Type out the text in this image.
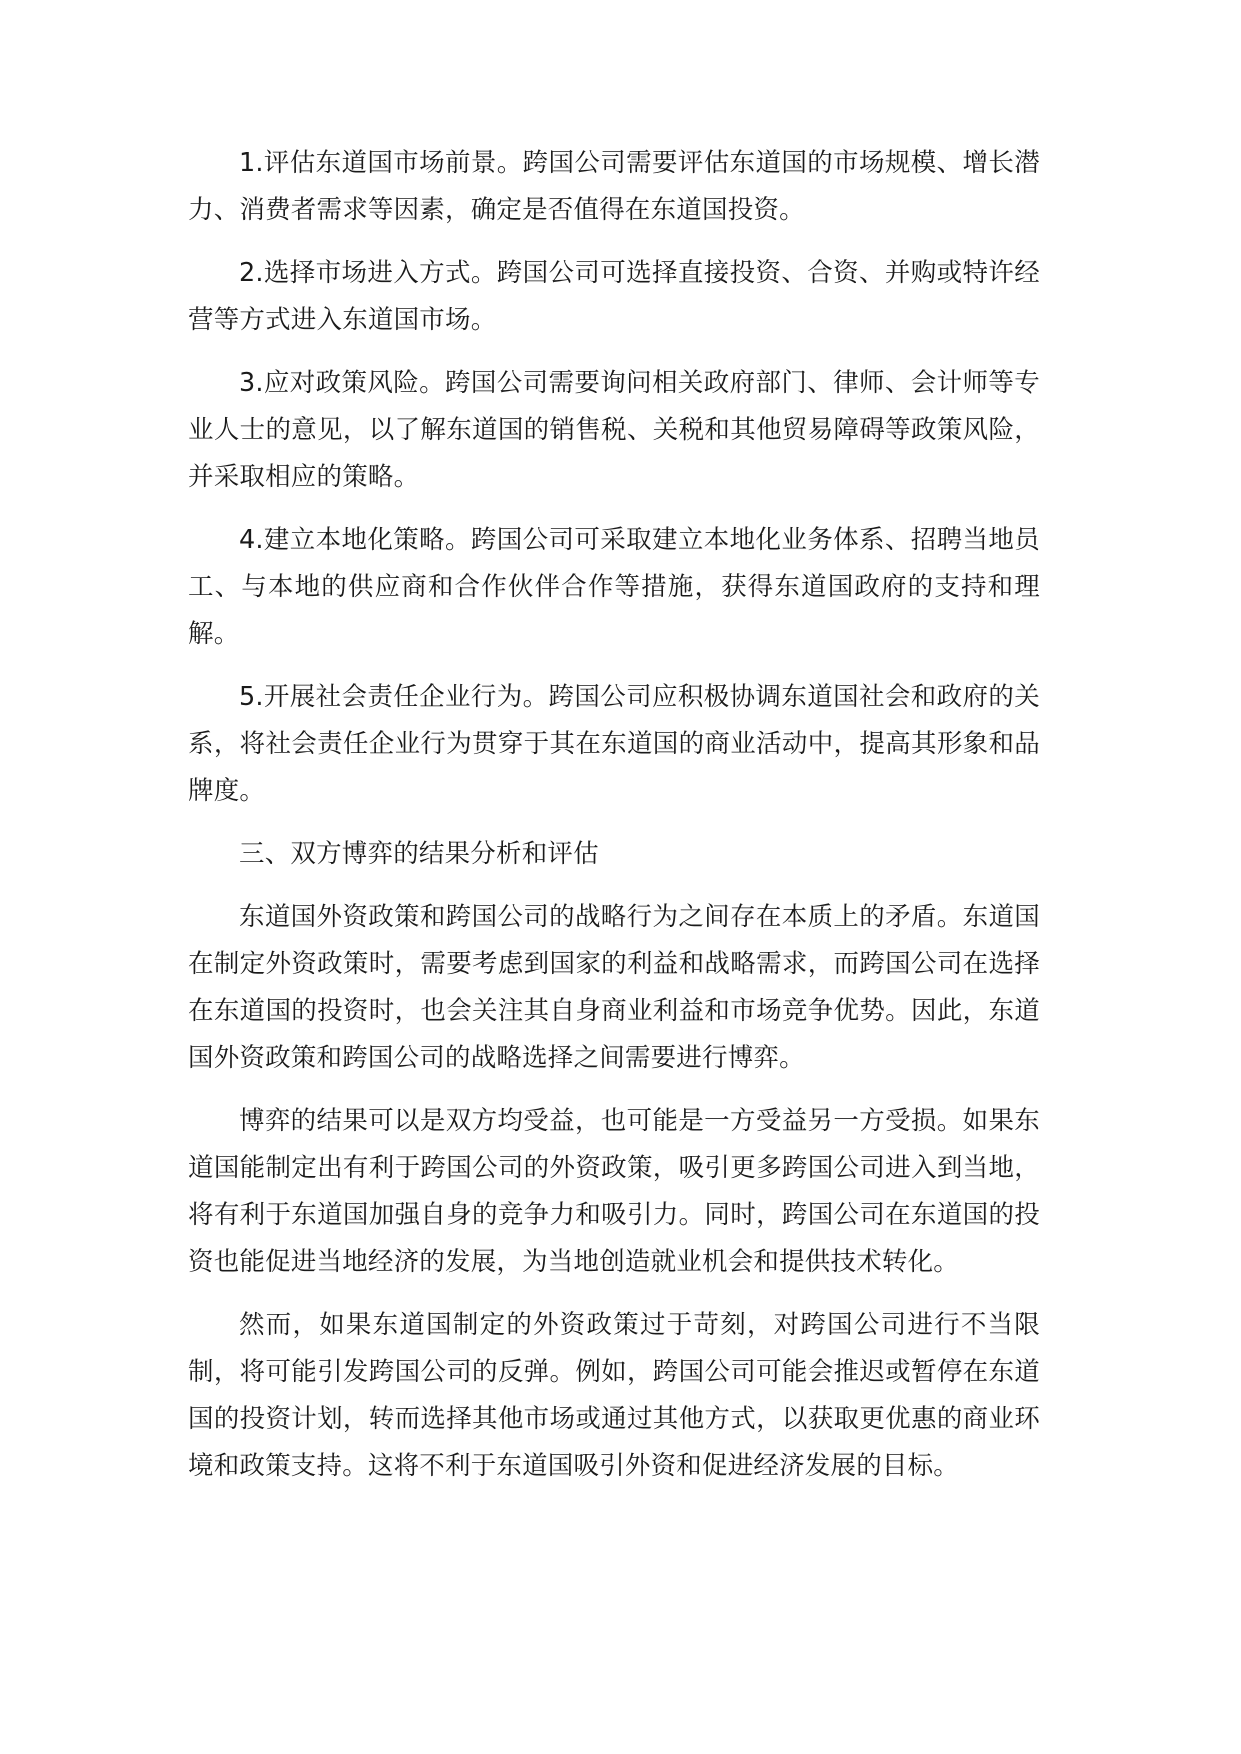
1.评估东道国市场前景。跨国公司需要评估东道国的市场规模、增长潜力、消费者需求等因素，确定是否值得在东道国投资。

2.选择市场进入方式。跨国公司可选择直接投资、合资、并购或特许经营等方式进入东道国市场。

3.应对政策风险。跨国公司需要询问相关政府部门、律师、会计师等专业人士的意见，以了解东道国的销售税、关税和其他贸易障碍等政策风险，并采取相应的策略。

4.建立本地化策略。跨国公司可采取建立本地化业务体系、招聘当地员工、与本地的供应商和合作伙伴合作等措施，获得东道国政府的支持和理解。

5.开展社会责任企业行为。跨国公司应积极协调东道国社会和政府的关系，将社会责任企业行为贯穿于其在东道国的商业活动中，提高其形象和品牌度。

三、双方博弈的结果分析和评估

东道国外资政策和跨国公司的战略行为之间存在本质上的矛盾。东道国在制定外资政策时，需要考虑到国家的利益和战略需求，而跨国公司在选择在东道国的投资时，也会关注其自身商业利益和市场竞争优势。因此，东道国外资政策和跨国公司的战略选择之间需要进行博弈。

博弈的结果可以是双方均受益，也可能是一方受益另一方受损。如果东道国能制定出有利于跨国公司的外资政策，吸引更多跨国公司进入到当地，将有利于东道国加强自身的竞争力和吸引力。同时，跨国公司在东道国的投资也能促进当地经济的发展，为当地创造就业机会和提供技术转化。

然而，如果东道国制定的外资政策过于苛刻，对跨国公司进行不当限制，将可能引发跨国公司的反弹。例如，跨国公司可能会推迟或暂停在东道国的投资计划，转而选择其他市场或通过其他方式，以获取更优惠的商业环境和政策支持。这将不利于东道国吸引外资和促进经济发展的目标。
